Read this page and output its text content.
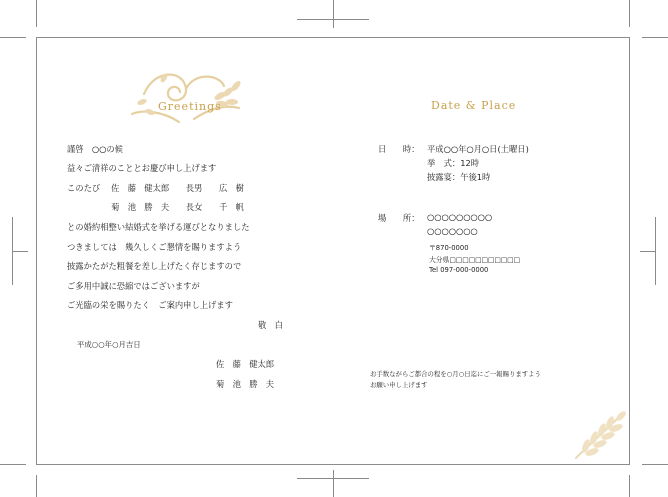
Greetings
謹啓　○○の候
益々ご清祥のこととお慶び申し上げます
このたび　 佐　藤　健太郎　　長男　　広　樹
　　　　　 菊　池　勝　夫　　長女　　千　帆
との婚約相整い結婚式を挙げる運びとなりました
つきましては　幾久しくご懇情を賜りますよう
披露かたがた粗餐を差し上げたく存じますので
ご多用中誠に恐縮ではございますが
ご光臨の栄を賜りたく　ご案内申し上げます
敬　白
平成○○年○月吉日
佐　藤　健太郎
菊　池　勝　夫
Date & Place
日　　時： 平成○○年○月○日(土曜日)
挙　式：12時
披露宴：午後1時
場　　所： ○○○○○○○○○
○○○○○○○
〒870-0000
大分県□□□□□□□□□□□
Tel 097-000-0000
お手数ながらご都合の程を○月○日迄にご一報賜りますよう
お願い申し上げます
